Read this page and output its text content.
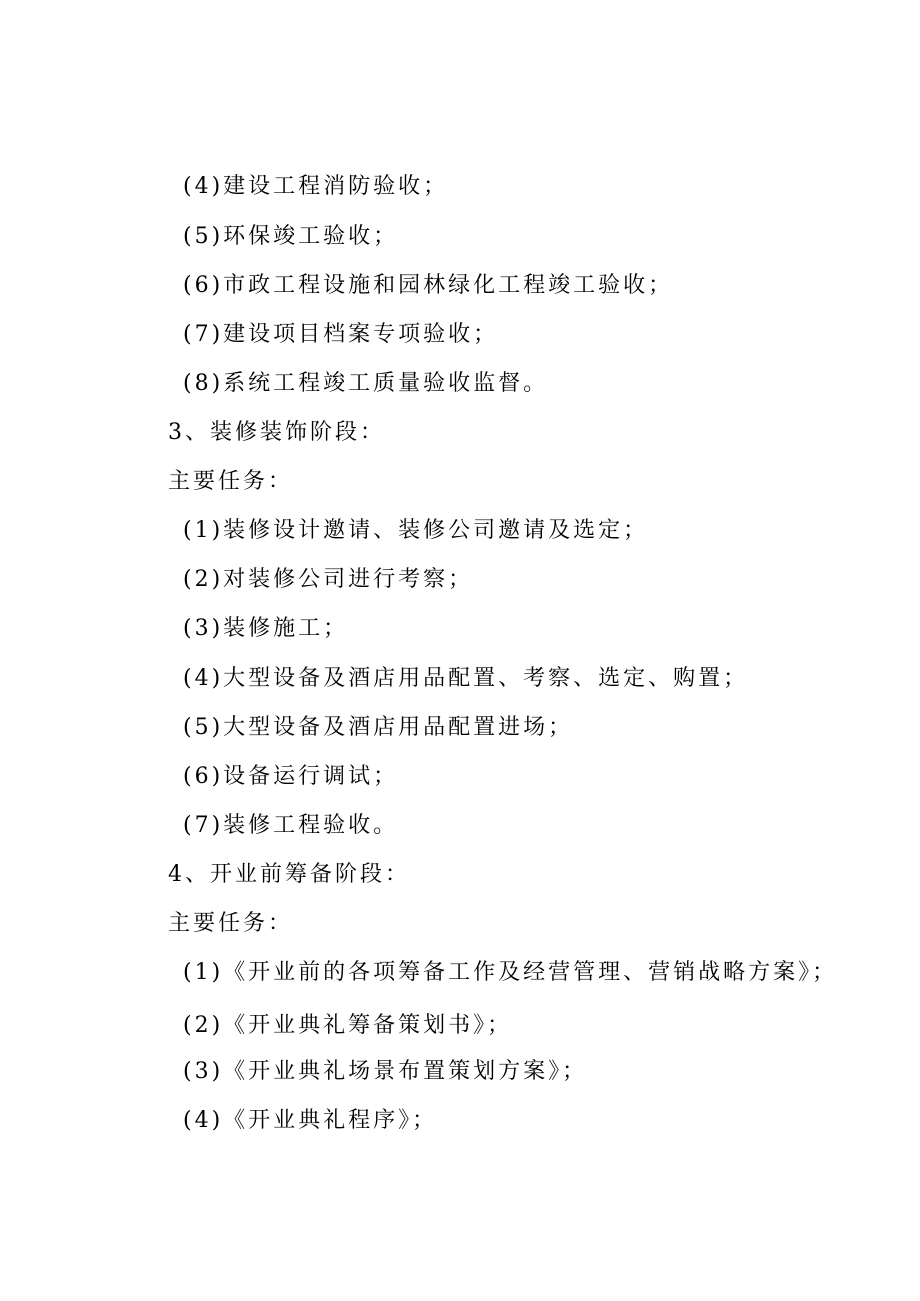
(4)建设工程消防验收；
(5)环保竣工验收；
(6)市政工程设施和园林绿化工程竣工验收；
(7)建设项目档案专项验收；
(8)系统工程竣工质量验收监督。
3、装修装饰阶段：
主要任务：
(1)装修设计邀请、装修公司邀请及选定；
(2)对装修公司进行考察；
(3)装修施工；
(4)大型设备及酒店用品配置、考察、选定、购置；
(5)大型设备及酒店用品配置进场；
(6)设备运行调试；
(7)装修工程验收。
4、开业前筹备阶段：
主要任务：
(1)《开业前的各项筹备工作及经营管理、营销战略方案》；
(2)《开业典礼筹备策划书》；
(3)《开业典礼场景布置策划方案》；
(4)《开业典礼程序》；
